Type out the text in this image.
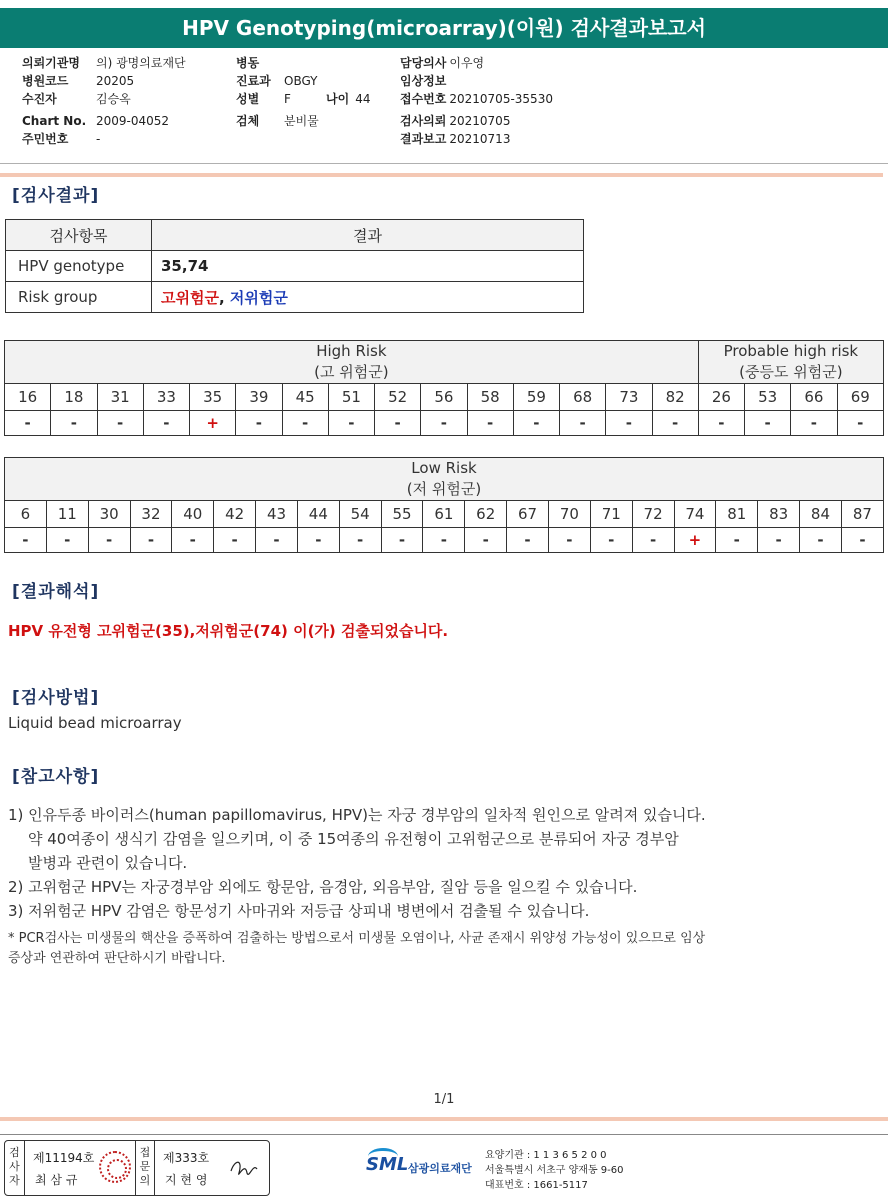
HPV Genotyping(microarray)(이원) 검사결과보고서
의뢰기관명 의) 광명의료재단
병원코드 20205
수진자	김승옥
Chart No. 2009-04052
주민번호 -
병동
진료과 OBGY
성별 F	나이 44
검체 분비물
담당의사 이우영
임상정보
접수번호 20210705-35530
검사의뢰 20210705
결과보고 20210713
[검사결과]
검사항목	결과
HPV genotype	35,74
Risk group	고위험군, 저위험군
High Risk
(고 위험군)															Probable high risk
(중등도 위험군)			
16	18	31	33	35	39	45	51	52	56	58	59	68	73	82	26	53	66	69
-	-	-	-	+	-	-	-	-	-	-	-	-	-	-	-	-	-	-
Low Risk
(저 위험군)																				
6	11	30	32	40	42	43	44	54	55	61	62	67	70	71	72	74	81	83	84	87
-	-	-	-	-	-	-	-	-	-	-	-	-	-	-	-	+	-	-	-	-
[결과해석]
HPV 유전형 고위험군(35),저위험군(74) 이(가) 검출되었습니다.
[검사방법]
Liquid bead microarray
[참고사항]
1) 인유두종 바이러스(human papillomavirus, HPV)는 자궁 경부암의 일차적 원인으로 알려져 있습니다.
약 40여종이 생식기 감염을 일으키며, 이 중 15여종의 유전형이 고위험군으로 분류되어 자궁 경부암
발병과 관련이 있습니다.
2) 고위험군 HPV는 자궁경부암 외에도 항문암, 음경암, 외음부암, 질암 등을 일으킬 수 있습니다.
3) 저위험군 HPV 감염은 항문성기 사마귀와 저등급 상피내 병변에서 검출될 수 있습니다.
* PCR검사는 미생물의 핵산을 증폭하여 검출하는 방법으로서 미생물 오염이나, 사균 존재시 위양성 가능성이 있으므로 임상
증상과 연관하여 판단하시기 바랍니다.
1/1
검
사
자
제11194호
최 삼 규
접
문
의
제333호
지 현 영
SML 삼광의료재단
요양기관 : 1 1 3 6 5 2 0 0
서울특별시 서초구 양재동 9-60
대표번호 : 1661-5117
